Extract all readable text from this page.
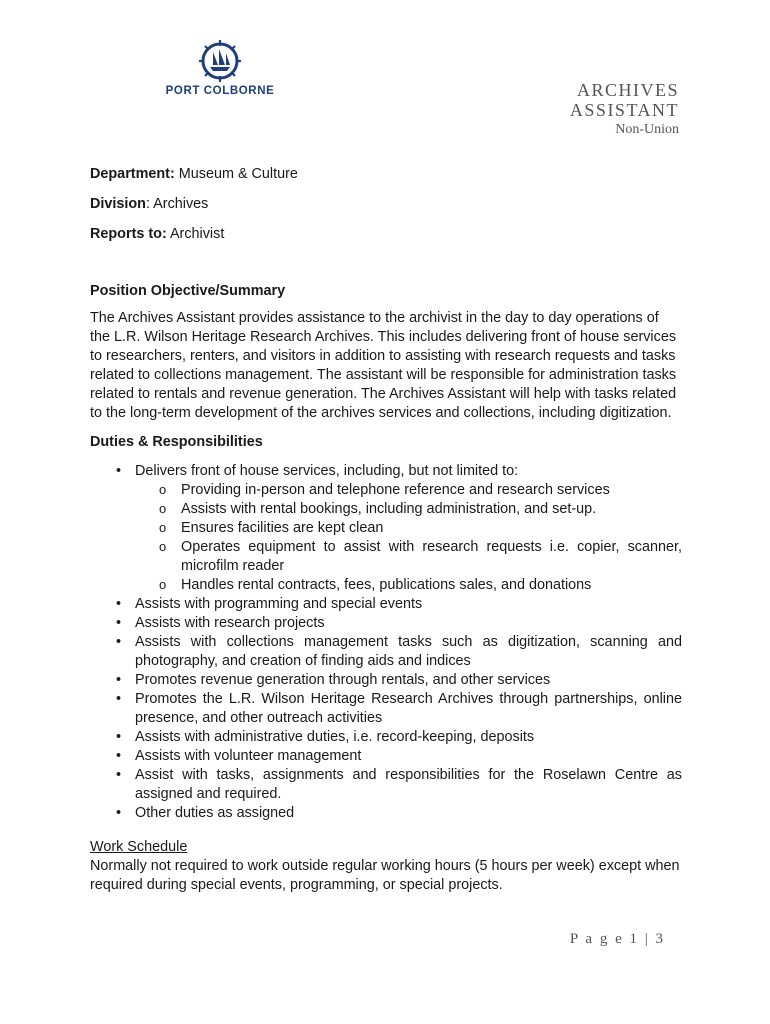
PORT COLBORNE	ARCHIVES
ASSISTANT
Non-Union
Department: Museum & Culture
Division: Archives
Reports to: Archivist
Position Objective/Summary
The Archives Assistant provides assistance to the archivist in the day to day operations of the L.R. Wilson Heritage Research Archives. This includes delivering front of house services to researchers, renters, and visitors in addition to assisting with research requests and tasks related to collections management. The assistant will be responsible for administration tasks related to rentals and revenue generation. The Archives Assistant will help with tasks related to the long-term development of the archives services and collections, including digitization.
Duties & Responsibilities
• Delivers front of house services, including, but not limited to:
o Providing in-person and telephone reference and research services
o Assists with rental bookings, including administration, and set-up.
o Ensures facilities are kept clean
o Operates equipment to assist with research requests i.e. copier, scanner, microfilm reader
o Handles rental contracts, fees, publications sales, and donations
• Assists with programming and special events
• Assists with research projects
• Assists with collections management tasks such as digitization, scanning and photography, and creation of finding aids and indices
• Promotes revenue generation through rentals, and other services
• Promotes the L.R. Wilson Heritage Research Archives through partnerships, online presence, and other outreach activities
• Assists with administrative duties, i.e. record-keeping, deposits
• Assists with volunteer management
• Assist with tasks, assignments and responsibilities for the Roselawn Centre as assigned and required.
• Other duties as assigned
Work Schedule
Normally not required to work outside regular working hours (5 hours per week) except when required during special events, programming, or special projects.
P a g e 1 | 3
